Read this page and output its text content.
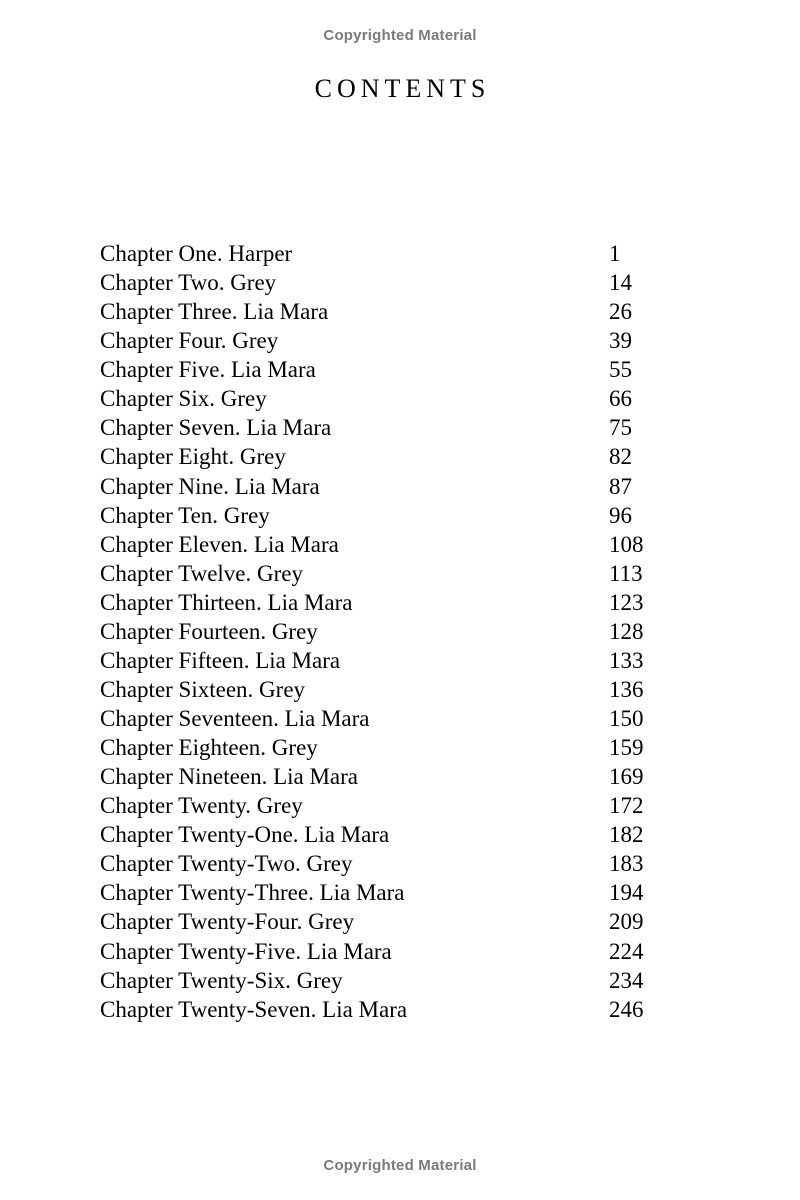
Copyrighted Material
CONTENTS
Chapter One. Harper	1
Chapter Two. Grey	14
Chapter Three. Lia Mara	26
Chapter Four. Grey	39
Chapter Five. Lia Mara	55
Chapter Six. Grey	66
Chapter Seven. Lia Mara	75
Chapter Eight. Grey	82
Chapter Nine. Lia Mara	87
Chapter Ten. Grey	96
Chapter Eleven. Lia Mara	108
Chapter Twelve. Grey	113
Chapter Thirteen. Lia Mara	123
Chapter Fourteen. Grey	128
Chapter Fifteen. Lia Mara	133
Chapter Sixteen. Grey	136
Chapter Seventeen. Lia Mara	150
Chapter Eighteen. Grey	159
Chapter Nineteen. Lia Mara	169
Chapter Twenty. Grey	172
Chapter Twenty-One. Lia Mara	182
Chapter Twenty-Two. Grey	183
Chapter Twenty-Three. Lia Mara	194
Chapter Twenty-Four. Grey	209
Chapter Twenty-Five. Lia Mara	224
Chapter Twenty-Six. Grey	234
Chapter Twenty-Seven. Lia Mara	246
Copyrighted Material
